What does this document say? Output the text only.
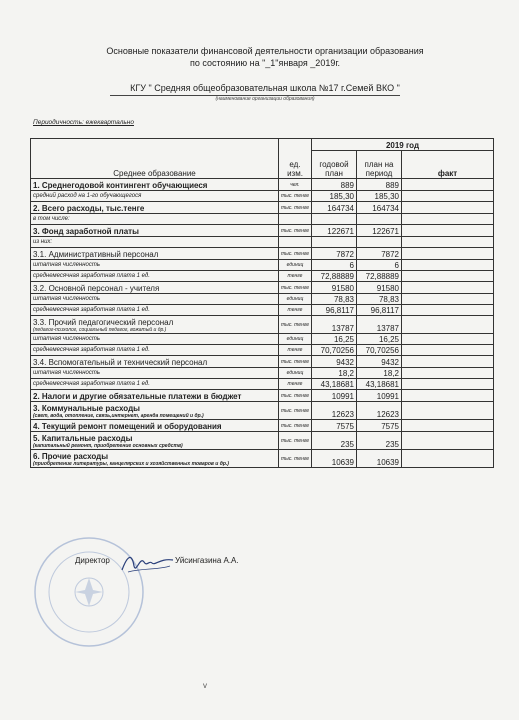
Основные показатели финансовой деятельности организации образования
по состоянию на "_1"января _2019г.
КГУ " Средняя общеобразовательная школа №17 г.Семей ВКО "
(наименование организации образования)
Периодичность: ежеквартально
Среднее образование	ед. изм.	2019 год		
		годовой план	план на период	факт
1. Среднегодовой контингент обучающиеся	чел.	889	889	
средний расход на 1-го обучающегося	тыс. тенге	185,30	185,30	
2. Всего расходы, тыс.тенге	тыс. тенге	164734	164734	
в том числе:				
3. Фонд заработной платы	тыс. тенге	122671	122671	
из них:				
3.1. Административный персонал	тыс. тенге	7872	7872	
штатная численность	единиц	6	6	
среднемесячная заработная плата 1 ед.	тенге	72,88889	72,88889	
3.2. Основной персонал - учителя	тыс. тенге	91580	91580	
штатная численность	единиц	78,83	78,83	
среднемесячная заработная плата 1 ед.	тенге	96,8117	96,8117	
3.3. Прочий педагогический персонал
(педагог-психолог, социальный педагог, вожатый и др.)	тыс. тенге	13787	13787	
штатная численность	единиц	16,25	16,25	
среднемесячная заработная плата 1 ед.	тенге	70,70256	70,70256	
3.4. Вспомогательный и технический персонал	тыс. тенге	9432	9432	
штатная численность	единиц	18,2	18,2	
среднемесячная заработная плата 1 ед.	тенге	43,18681	43,18681	
2. Налоги и другие обязательные платежи в бюджет	тыс. тенге	10991	10991	
3. Коммунальные расходы
(свет, вода, отопление, связь,интернет, аренда помещений и др.)	тыс. тенге	12623	12623	
4. Текущий ремонт помещений и оборудования	тыс. тенге	7575	7575	
5. Капитальные расходы
(капитальный ремонт, приобретение основных средств)	тыс. тенге	235	235	
6. Прочие расходы
(приобретение литературы, канцелярских и хозяйственных товаров и др.)	тыс. тенге	10639	10639	
Директор	Уйсингазина А.А.
v
